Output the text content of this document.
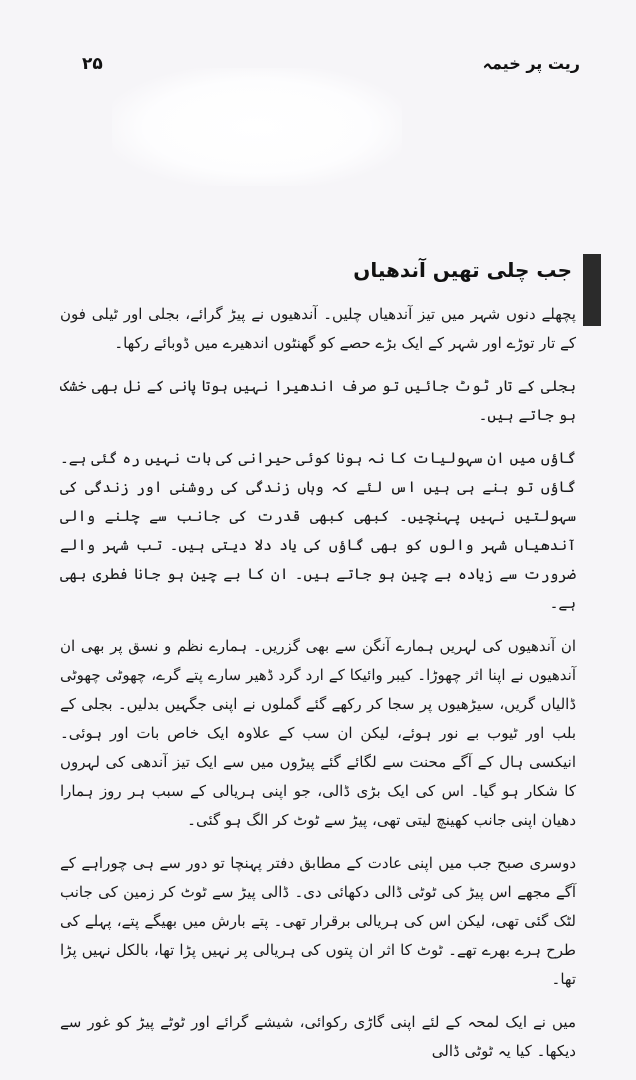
۲۵	ریت پر خیمہ
جب چلی تھیں آندھیاں

پچھلے دنوں شہر میں تیز آندھیاں چلیں۔ آندھیوں نے پیڑ گرائے، بجلی اور ٹیلی فون کے تار توڑے اور شہر کے ایک بڑے حصے کو گھنٹوں اندھیرے میں ڈوبائے رکھا۔

بجلی کے تار ٹوٹ جائیں تو صرف اندھیرا نہیں ہوتا پانی کے نل بھی خشک ہو جاتے ہیں۔

گاؤں میں ان سہولیات کا نہ ہونا کوئی حیرانی کی بات نہیں رہ گئی ہے۔ گاؤں تو بنے ہی ہیں اس لئے کہ وہاں زندگی کی روشنی اور زندگی کی سہولتیں نہیں پہنچیں۔ کبھی کبھی قدرت کی جانب سے چلنے والی آندھیاں شہر والوں کو بھی گاؤں کی یاد دلا دیتی ہیں۔ تب شہر والے ضرورت سے زیادہ بے چین ہو جاتے ہیں۔ ان کا بے چین ہو جانا فطری بھی ہے۔

ان آندھیوں کی لہریں ہمارے آنگن سے بھی گزریں۔ ہمارے نظم و نسق پر بھی ان آندھیوں نے اپنا اثر چھوڑا۔ کیبر وائیکا کے ارد گرد ڈھیر سارے پتے گرے، چھوٹی چھوٹی ڈالیاں گریں، سیڑھیوں پر سجا کر رکھے گئے گملوں نے اپنی جگہیں بدلیں۔ بجلی کے بلب اور ٹیوب بے نور ہوئے، لیکن ان سب کے علاوہ ایک خاص بات اور ہوئی۔ انیکسی ہال کے آگے محنت سے لگائے گئے پیڑوں میں سے ایک تیز آندھی کی لہروں کا شکار ہو گیا۔ اس کی ایک بڑی ڈالی، جو اپنی ہریالی کے سبب ہر روز ہمارا دھیان اپنی جانب کھینچ لیتی تھی، پیڑ سے ٹوٹ کر الگ ہو گئی۔

دوسری صبح جب میں اپنی عادت کے مطابق دفتر پہنچا تو دور سے ہی چوراہے کے آگے مجھے اس پیڑ کی ٹوٹی ڈالی دکھائی دی۔ ڈالی پیڑ سے ٹوٹ کر زمین کی جانب لٹک گئی تھی، لیکن اس کی ہریالی برقرار تھی۔ پتے بارش میں بھیگے پتے، پہلے کی طرح ہرے بھرے تھے۔ ٹوٹ کا اثر ان پتوں کی ہریالی پر نہیں پڑا تھا، بالکل نہیں پڑا تھا۔

میں نے ایک لمحہ کے لئے اپنی گاڑی رکوائی، شیشے گرائے اور ٹوٹے پیڑ کو غور سے دیکھا۔ کیا یہ ٹوٹی ڈالی
